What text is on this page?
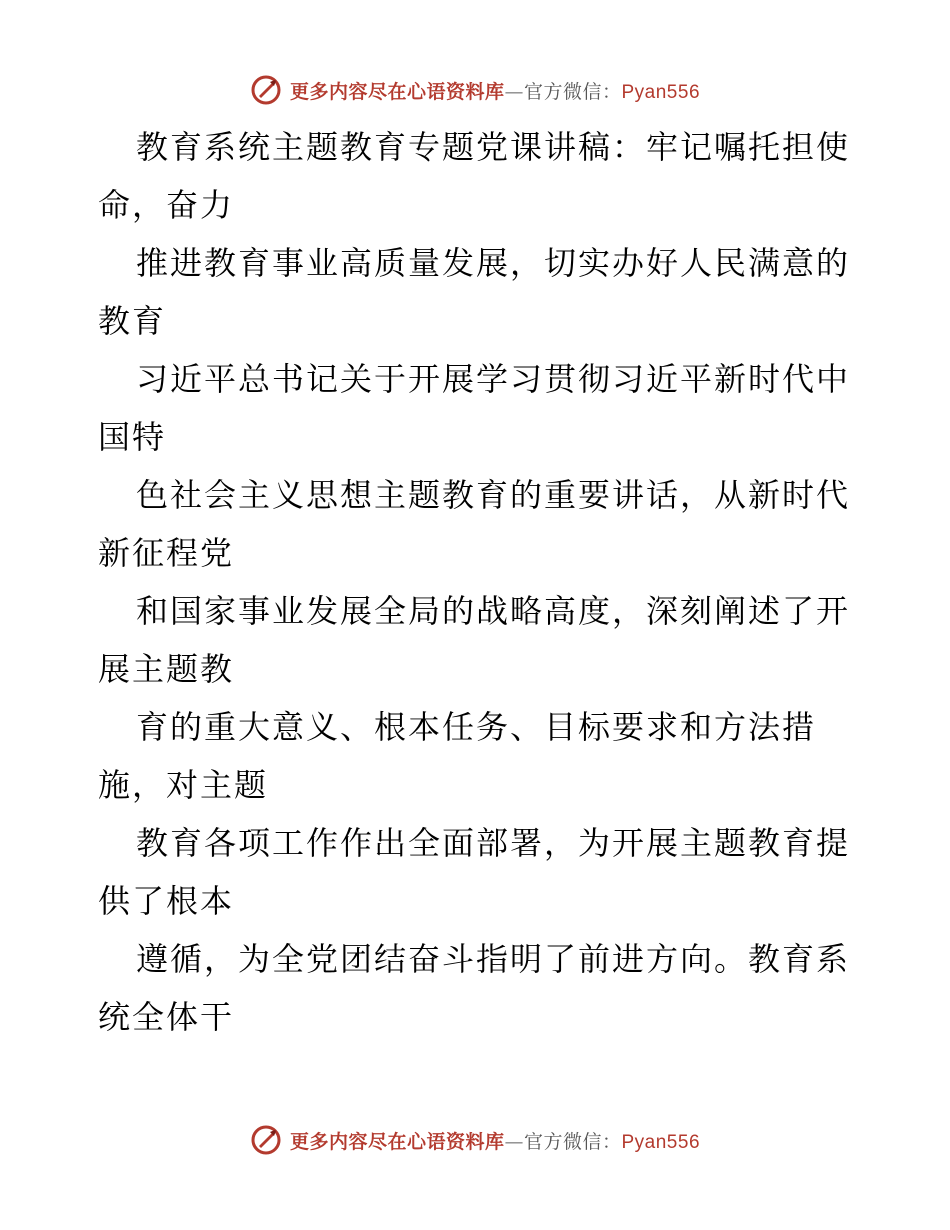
更多内容尽在心语资料库—官方微信：Pyan556
教育系统主题教育专题党课讲稿：牢记嘱托担使
命，奋力
推进教育事业高质量发展，切实办好人民满意的
教育
习近平总书记关于开展学习贯彻习近平新时代中
国特
色社会主义思想主题教育的重要讲话，从新时代
新征程党
和国家事业发展全局的战略高度，深刻阐述了开
展主题教
育的重大意义、根本任务、目标要求和方法措
施，对主题
教育各项工作作出全面部署，为开展主题教育提
供了根本
遵循，为全党团结奋斗指明了前进方向。教育系
统全体干
更多内容尽在心语资料库—官方微信：Pyan556
